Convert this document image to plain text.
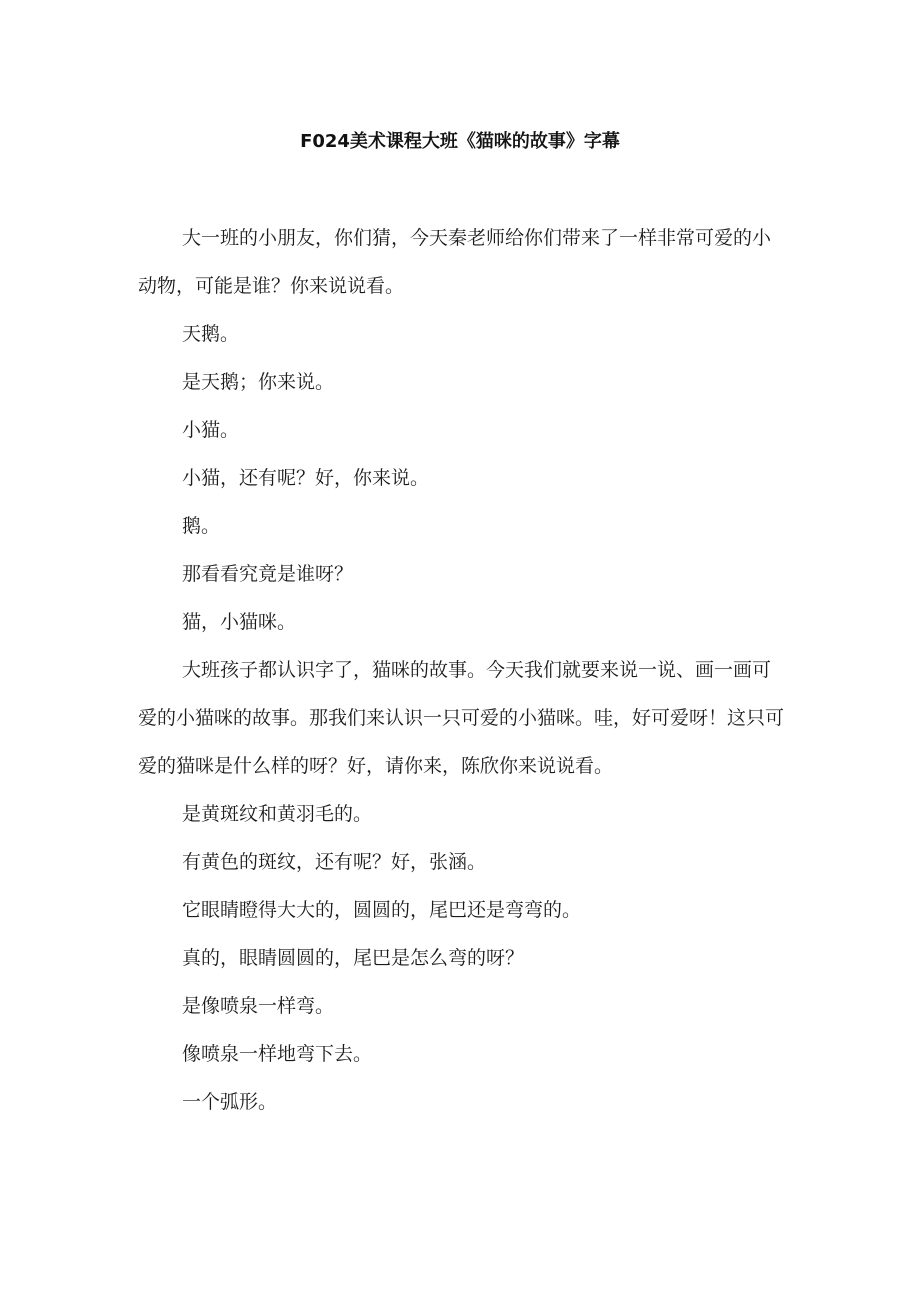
F024美术课程大班《猫咪的故事》字幕

大一班的小朋友，你们猜，今天秦老师给你们带来了一样非常可爱的小动物，可能是谁？你来说说看。

天鹅。

是天鹅；你来说。

小猫。

小猫，还有呢？好，你来说。

鹅。

那看看究竟是谁呀？

猫，小猫咪。

大班孩子都认识字了，猫咪的故事。今天我们就要来说一说、画一画可爱的小猫咪的故事。那我们来认识一只可爱的小猫咪。哇，好可爱呀！这只可爱的猫咪是什么样的呀？好，请你来，陈欣你来说说看。

是黄斑纹和黄羽毛的。

有黄色的斑纹，还有呢？好，张涵。

它眼睛瞪得大大的，圆圆的，尾巴还是弯弯的。

真的，眼睛圆圆的，尾巴是怎么弯的呀？

是像喷泉一样弯。

像喷泉一样地弯下去。

一个弧形。
